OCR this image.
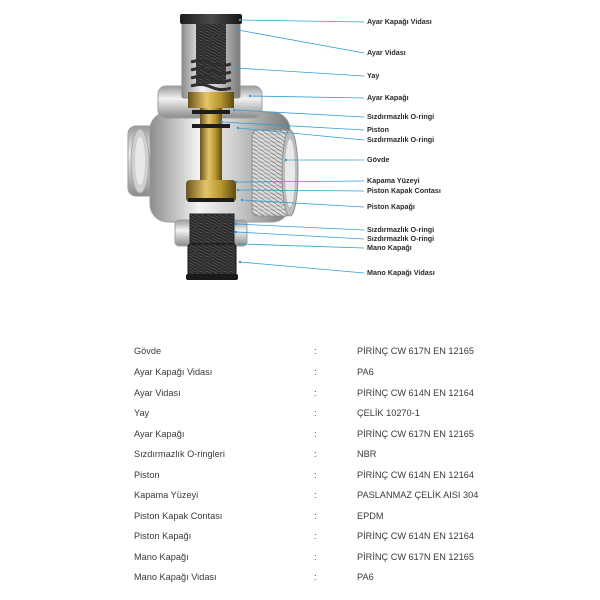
Ayar Kapağı Vidası
Ayar Vidası
Yay
Ayar Kapağı
Sızdırmazlık O-ringi
Piston
Sızdırmazlık O-ringi
Gövde
Kapama Yüzeyi
Piston Kapak Contası
Piston Kapağı
Sızdırmazlık O-ringi
Sızdırmazlık O-ringi
Mano Kapağı
Mano Kapağı Vidası
Gövde	:	PİRİNÇ CW 617N EN 12165
Ayar Kapağı Vidası	:	PA6
Ayar Vidası	:	PİRİNÇ CW 614N EN 12164
Yay	:	ÇELİK 10270-1
Ayar Kapağı	:	PİRİNÇ CW 617N EN 12165
Sızdırmazlık O-ringleri	:	NBR
Piston	:	PİRİNÇ CW 614N EN 12164
Kapama Yüzeyi	:	PASLANMAZ ÇELİK AISI 304
Piston Kapak Contası	:	EPDM
Piston Kapağı	:	PİRİNÇ CW 614N EN 12164
Mano Kapağı	:	PİRİNÇ CW 617N EN 12165
Mano Kapağı Vidası	:	PA6
